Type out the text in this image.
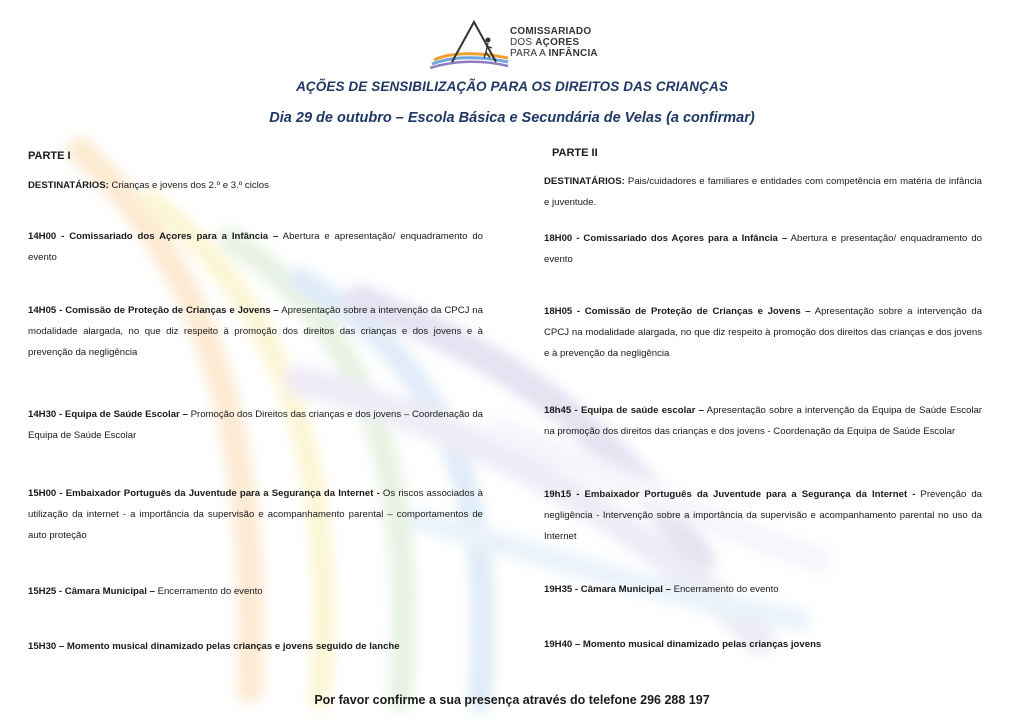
COMISSARIADO
DOS AÇORES
PARA A INFÂNCIA
AÇÕES DE SENSIBILIZAÇÃO PARA OS DIREITOS DAS CRIANÇAS
Dia 29 de outubro – Escola Básica e Secundária de Velas (a confirmar)
PARTE I	PARTE II
DESTINATÁRIOS: Crianças e jovens dos 2.º e 3.º ciclos
14H00 - Comissariado dos Açores para a Infância – Abertura e apresentação/ enquadramento do evento
14H05 - Comissão de Proteção de Crianças e Jovens – Apresentação sobre a intervenção da CPCJ na modalidade alargada, no que diz respeito à promoção dos direitos das crianças e dos jovens e à prevenção da negligência
14H30 - Equipa de Saúde Escolar – Promoção dos Direitos das crianças e dos jovens – Coordenação da Equipa de Saúde Escolar
15H00 - Embaixador Português da Juventude para a Segurança da Internet - Os riscos associados à utilização da internet - a importância da supervisão e acompanhamento parental – comportamentos de auto proteção
15H25 - Câmara Municipal – Encerramento do evento
15H30 – Momento musical dinamizado pelas crianças e jovens seguido de lanche
DESTINATÁRIOS: Pais/cuidadores e familiares e entidades com competência em matéria de infância e juventude.
18H00 - Comissariado dos Açores para a Infância – Abertura e presentação/ enquadramento do evento
18H05 - Comissão de Proteção de Crianças e Jovens – Apresentação sobre a intervenção da CPCJ na modalidade alargada, no que diz respeito à promoção dos direitos das crianças e dos jovens e à prevenção da negligência
18h45 - Equipa de saúde escolar – Apresentação sobre a intervenção da Equipa de Saúde Escolar na promoção dos direitos das crianças e dos jovens - Coordenação da Equipa de Saúde Escolar
19h15 - Embaixador Português da Juventude para a Segurança da Internet - Prevenção da negligência - Intervenção sobre a importância da supervisão e acompanhamento parental no uso da Internet
19H35 - Câmara Municipal – Encerramento do evento
19H40 – Momento musical dinamizado pelas crianças jovens
Por favor confirme a sua presença através do telefone 296 288 197
